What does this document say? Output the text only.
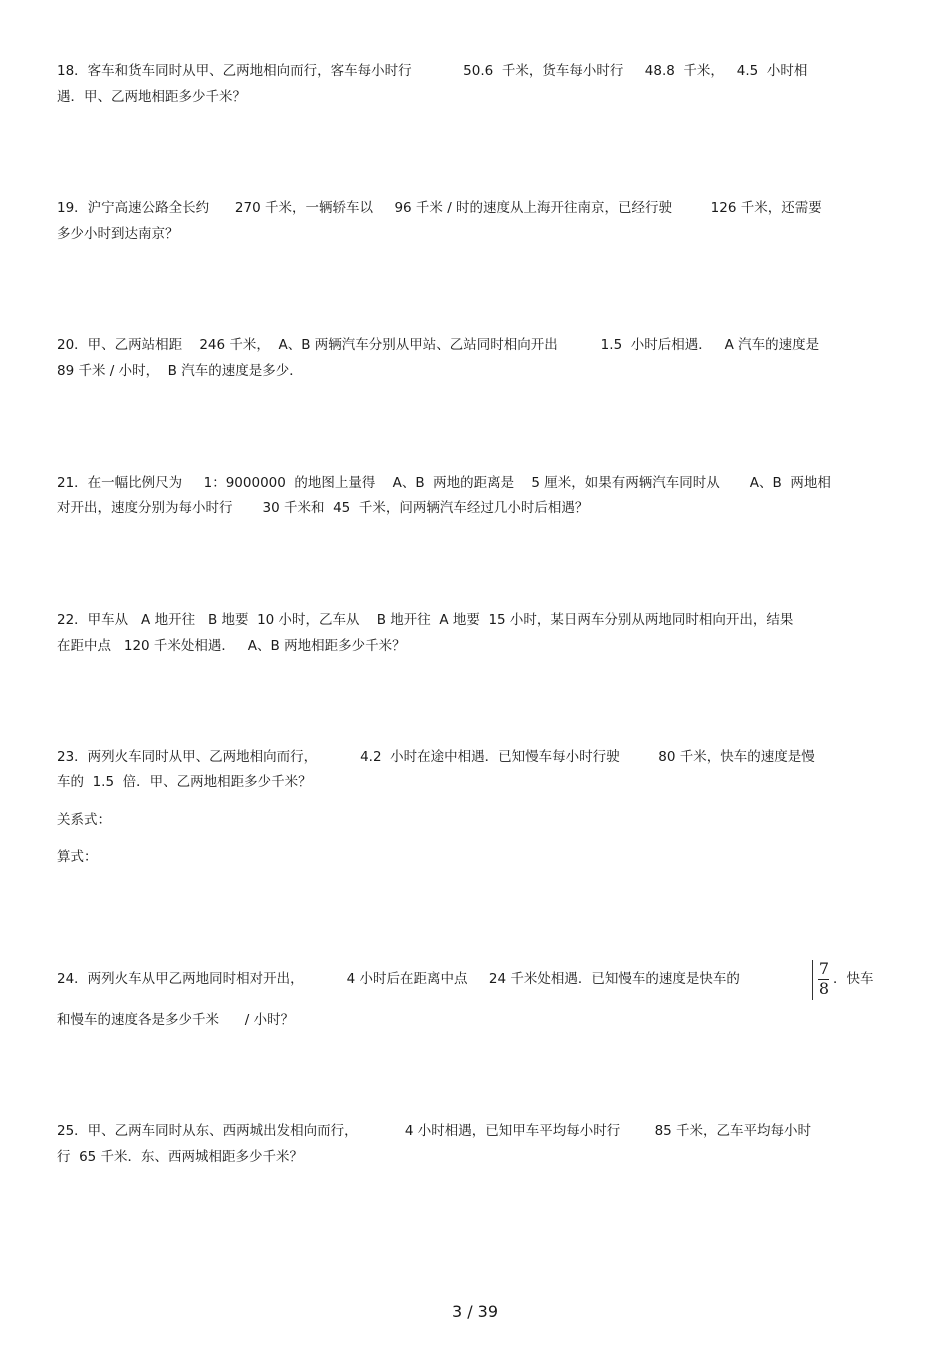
18．客车和货车同时从甲、乙两地相向而行，客车每小时行            50.6  千米，货车每小时行     48.8  千米，   4.5  小时相
遇．甲、乙两地相距多少千米？
19．沪宁高速公路全长约      270 千米，一辆轿车以     96 千米 / 时的速度从上海开往南京，已经行驶         126 千米，还需要
多少小时到达南京？
20．甲、乙两站相距    246 千米，  A、B 两辆汽车分别从甲站、乙站同时相向开出          1.5  小时后相遇．   A 汽车的速度是
89 千米 / 小时，  B 汽车的速度是多少．
21．在一幅比例尺为     1：9000000  的地图上量得    A、B  两地的距离是    5 厘米，如果有两辆汽车同时从       A、B  两地相
对开出，速度分别为每小时行       30 千米和  45  千米，问两辆汽车经过几小时后相遇？
22．甲车从   A 地开往   B 地要  10 小时，乙车从    B 地开往  A 地要  15 小时，某日两车分别从两地同时相向开出，结果
在距中点   120 千米处相遇．   A、B 两地相距多少千米？
23．两列火车同时从甲、乙两地相向而行，          4.2  小时在途中相遇．已知慢车每小时行驶         80 千米，快车的速度是慢
车的  1.5  倍．甲、乙两地相距多少千米？
关系式：
算式：
24．两列火车从甲乙两地同时相对开出，          4 小时后在距离中点     24 千米处相遇．已知慢车的速度是快车的
7
8 ．快车
和慢车的速度各是多少千米      / 小时？
25．甲、乙两车同时从东、西两城出发相向而行，           4 小时相遇，已知甲车平均每小时行        85 千米，乙车平均每小时
行  65 千米．东、西两城相距多少千米？
3 / 39
